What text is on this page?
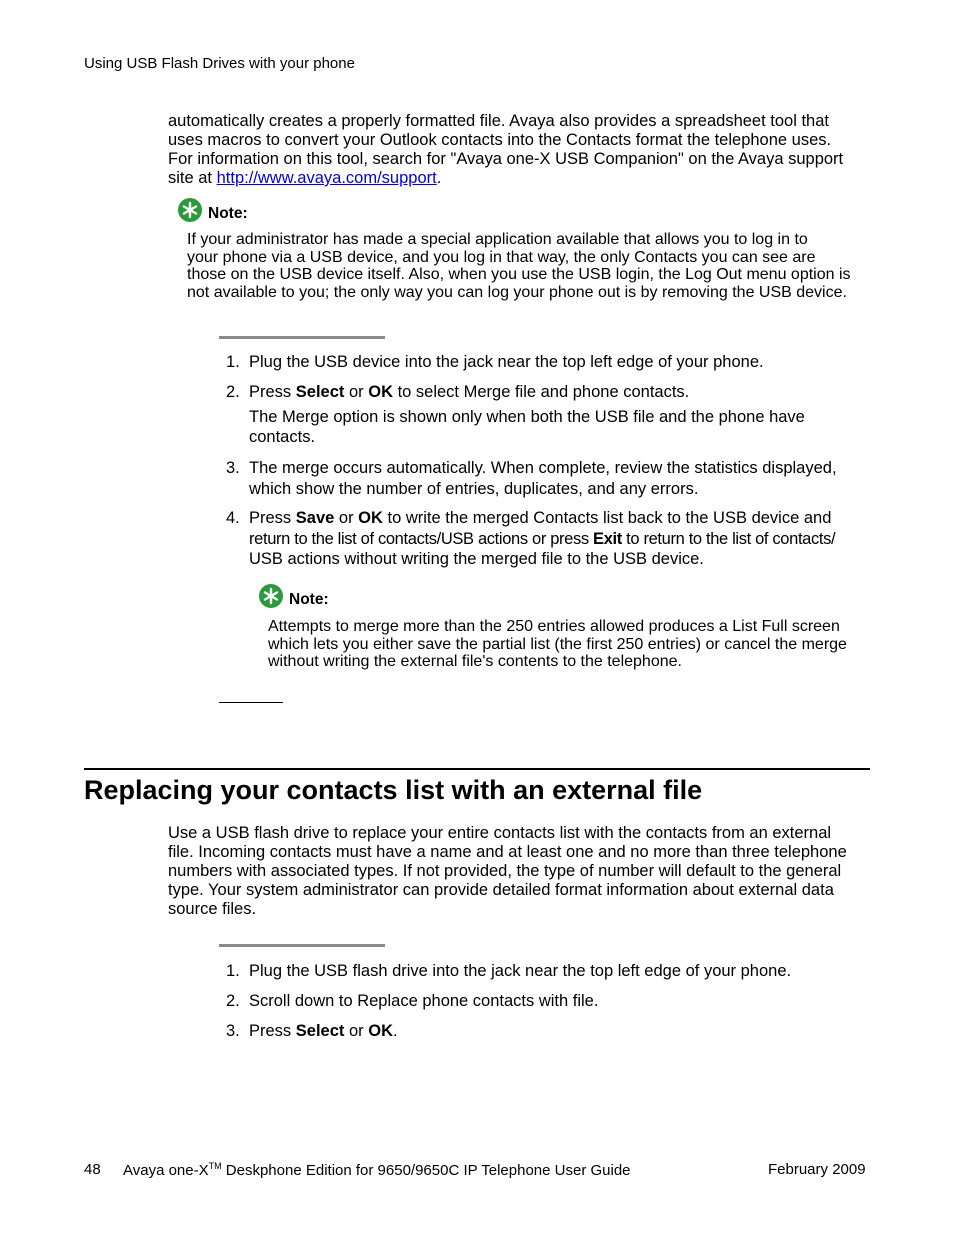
Using USB Flash Drives with your phone
automatically creates a properly formatted file. Avaya also provides a spreadsheet tool that
uses macros to convert your Outlook contacts into the Contacts format the telephone uses.
For information on this tool, search for "Avaya one-X USB Companion" on the Avaya support
site at http://www.avaya.com/support.
Note:
If your administrator has made a special application available that allows you to log in to
your phone via a USB device, and you log in that way, the only Contacts you can see are
those on the USB device itself. Also, when you use the USB login, the Log Out menu option is
not available to you; the only way you can log your phone out is by removing the USB device.
1. Plug the USB device into the jack near the top left edge of your phone.
2. Press Select or OK to select Merge file and phone contacts.
The Merge option is shown only when both the USB file and the phone have
contacts.
3. The merge occurs automatically. When complete, review the statistics displayed,
which show the number of entries, duplicates, and any errors.
4. Press Save or OK to write the merged Contacts list back to the USB device and
return to the list of contacts/USB actions or press Exit to return to the list of contacts/
USB actions without writing the merged file to the USB device.
Note:
Attempts to merge more than the 250 entries allowed produces a List Full screen
which lets you either save the partial list (the first 250 entries) or cancel the merge
without writing the external file's contents to the telephone.
Replacing your contacts list with an external file
Use a USB flash drive to replace your entire contacts list with the contacts from an external
file. Incoming contacts must have a name and at least one and no more than three telephone
numbers with associated types. If not provided, the type of number will default to the general
type. Your system administrator can provide detailed format information about external data
source files.
1. Plug the USB flash drive into the jack near the top left edge of your phone.
2. Scroll down to Replace phone contacts with file.
3. Press Select or OK.
48 Avaya one-X™ Deskphone Edition for 9650/9650C IP Telephone User Guide	February 2009
